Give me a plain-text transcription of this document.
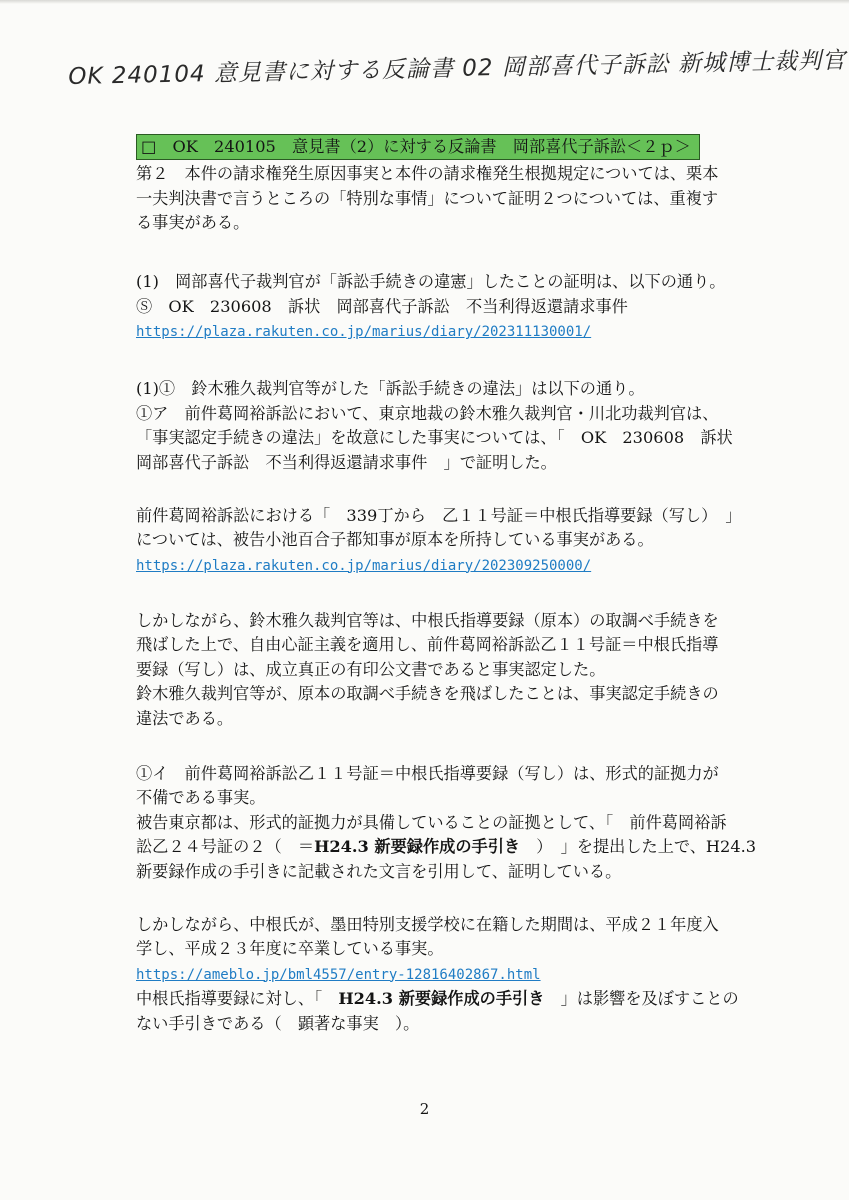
OK 240104 意見書に対する反論書 02 岡部喜代子訴訟 新城博士裁判官
□　OK　240105　意見書（2）に対する反論書　岡部喜代子訴訟＜２ｐ＞

第２　本件の請求権発生原因事実と本件の請求権発生根拠規定については、栗本

一夫判決書で言うところの「特別な事情」について証明２つについては、重複す

る事実がある。

(1)　岡部喜代子裁判官が「訴訟手続きの違憲」したことの証明は、以下の通り。

Ⓢ　OK　230608　訴状　岡部喜代子訴訟　不当利得返還請求事件

https://plaza.rakuten.co.jp/marius/diary/202311130001/

(1)①　鈴木雅久裁判官等がした「訴訟手続きの違法」は以下の通り。

①ア　前件葛岡裕訴訟において、東京地裁の鈴木雅久裁判官・川北功裁判官は、

「事実認定手続きの違法」を故意にした事実については、「　OK　230608　訴状

岡部喜代子訴訟　不当利得返還請求事件　」で証明した。

前件葛岡裕訴訟における「　339丁から　乙１１号証＝中根氏指導要録（写し）　」

については、被告小池百合子都知事が原本を所持している事実がある。

https://plaza.rakuten.co.jp/marius/diary/202309250000/

しかしながら、鈴木雅久裁判官等は、中根氏指導要録（原本）の取調べ手続きを

飛ばした上で、自由心証主義を適用し、前件葛岡裕訴訟乙１１号証＝中根氏指導

要録（写し）は、成立真正の有印公文書であると事実認定した。

鈴木雅久裁判官等が、原本の取調べ手続きを飛ばしたことは、事実認定手続きの

違法である。

①イ　前件葛岡裕訴訟乙１１号証＝中根氏指導要録（写し）は、形式的証拠力が

不備である事実。

被告東京都は、形式的証拠力が具備していることの証拠として、「　前件葛岡裕訴

訟乙２４号証の２（　＝H24.3 新要録作成の手引き　）　」を提出した上で、H24.3

新要録作成の手引きに記載された文言を引用して、証明している。

しかしながら、中根氏が、墨田特別支援学校に在籍した期間は、平成２１年度入

学し、平成２３年度に卒業している事実。

https://ameblo.jp/bml4557/entry-12816402867.html

中根氏指導要録に対し、「　H24.3 新要録作成の手引き　」は影響を及ぼすことの

ない手引きである（　顕著な事実　）。

2
